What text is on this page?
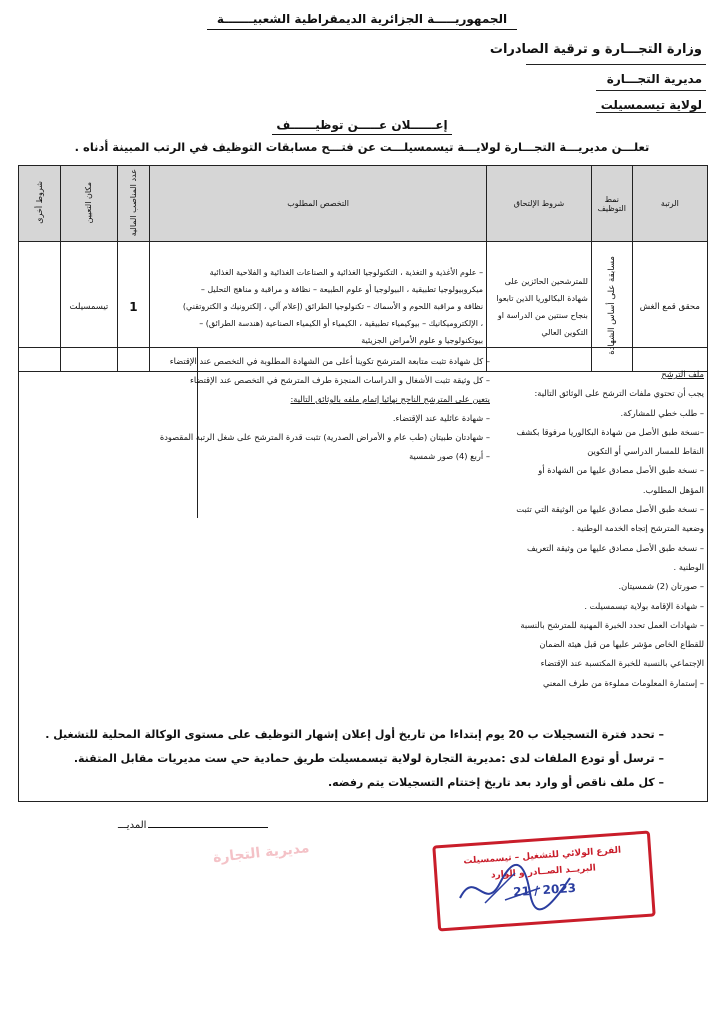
الجمهوريـــــة الجزائرية الديمقراطية الشعبيـــــــة
وزارة التجـــارة و ترقية الصادرات
مديرية التجـــارة
لولاية تيسمسيلت
إعــــــلان عـــــن توظيــــــف
تعلـــن مديريـــة التجـــارة لولايـــة تيسمسيلـــت عن فتـــح مسابقات التوظيف في الرتب المبينة أدناه .
الرتبة	نمط التوظيف	شروط الإلتحاق	التخصص المطلوب	عدد المناصب المالية	مكان التعيين	شروط أخرى
محقق قمع الغش	مسابقة على أساس الشهادة	للمترشحين الحائزين على شهادة البكالوريا الذين تابعوا بنجاح سنتين من الدراسة او التكوين العالي	– علوم الأغذية و التغذية ، التكنولوجيا الغذائية و الصناعات الغذائية و الفلاحية الغذائية
ميكروبيولوجيا تطبيقية ، البيولوجيا أو علوم الطبيعة – نظافة و مراقبة و مناهج التحليل –
نظافة و مراقبة اللحوم و الأسماك – تكنولوجيا الطرائق (إعلام آلي ، إلكترونيك و الكتروتقني)
، الإلكتروميكانيك – بيوكيمياء تطبيقية ، الكيمياء أو الكيمياء الصناعية (هندسة الطرائق) –
بيوتكنولوجيا و علوم الأمراض الجزيئية	1	تيسمسيلت	
ملف الترشح
يجب أن تحتوي ملفات الترشح على الوثائق التالية:
– طلب خطي للمشاركة.
–نسخة طبق الأصل من شهادة البكالوريا مرفوقا بكشف
النقاط للمسار الدراسي أو التكوين
– نسخة طبق الأصل مصادق عليها من الشهادة أو
المؤهل المطلوب.
– نسخة طبق الأصل مصادق عليها من الوثيقة التي تثبت
وضعية المترشح إتجاه الخدمة الوطنية .
– نسخة طبق الأصل مصادق عليها من وثيقة التعريف
الوطنية .
– صورتان (2) شمسيتان.
– شهادة الإقامة بولاية تيسمسيلت .
– شهادات العمل تحدد الخبرة المهنية للمترشح بالنسبة
للقطاع الخاص مؤشر عليها من قبل هيئة الضمان
الإجتماعي بالنسبة للخبرة المكتسبة عند الإقتضاء
– إستمارة المعلومات مملوءة من طرف المعني
– كل شهادة تثبت متابعة المترشح تكوينا أعلى من الشهادة المطلوبة في التخصص عند الإقتضاء
– كل وثيقة تثبت الأشغال و الدراسات المنجزة طرف المترشح في التخصص عند الإقتضاء
يتعين على المترشح الناجح نهائيا إتمام ملفه بالوثائق التالية:
– شهادة عائلية عند الإقتضاء.
– شهادتان طبيتان (طب عام و الأمراض الصدرية) تثبت قدرة المترشح على شغل الرتبة المقصودة
– أربع (4) صور شمسية
– تحدد فترة التسجيلات ب 20 يوم إبتداءا من تاريخ أول إعلان إشهار التوظيف على مستوى الوكالة المحلية للتشغيل .
– ترسل أو تودع الملفات لدى :مديرية التجارة لولاية تيسمسيلت طريق حمادية حي ست مديريات مقابل المتقنة.
– كل ملف ناقص أو وارد بعد تاريخ إختتام التسجيلات يتم رفضه.
المديـــ
مديرية التجارة	الفرع الولائي للتشغيل – تيسمسيلت
البريــد الصــادر و الوارد
2023 / 21
